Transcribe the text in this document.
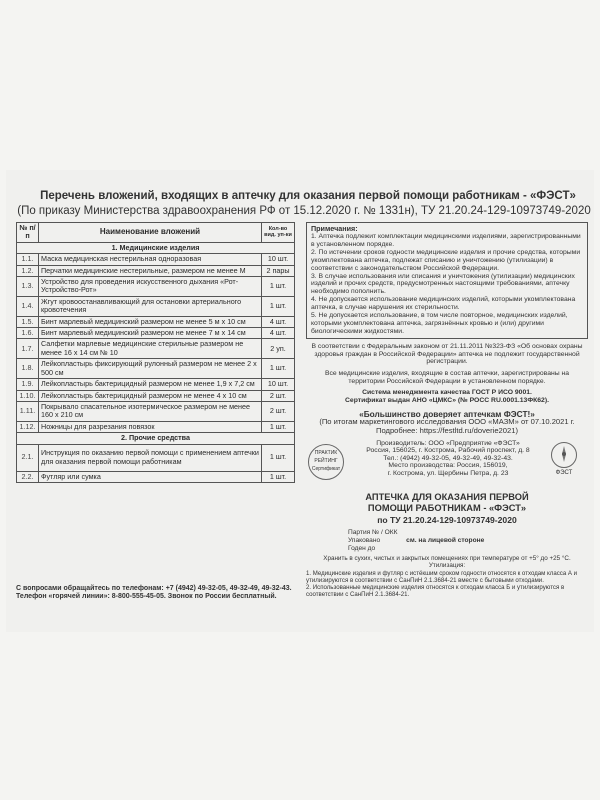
Перечень вложений, входящих в аптечку для оказания первой помощи работникам - «ФЭСТ»
(По приказу Министерства здравоохранения РФ от 15.12.2020 г. № 1331н), ТУ 21.20.24-129-10973749-2020
№ п/п	Наименование вложений	Кол-во вид. уп-ки
1. Медицинские изделия		
1.1.	Маска медицинская нестерильная одноразовая	10 шт.
1.2.	Перчатки медицинские нестерильные, размером не менее М	2 пары
1.3.	Устройство для проведения искусственного дыхания «Рот-Устройство-Рот»	1 шт.
1.4.	Жгут кровоостанавливающий для остановки артериального кровотечения	1 шт.
1.5.	Бинт марлевый медицинский размером не менее 5 м х 10 см	4 шт.
1.6.	Бинт марлевый медицинский размером не менее 7 м х 14 см	4 шт.
1.7.	Салфетки марлевые медицинские стерильные размером не менее 16 х 14 см № 10	2 уп.
1.8.	Лейкопластырь фиксирующий рулонный размером не менее 2 х 500 см	1 шт.
1.9.	Лейкопластырь бактерицидный размером не менее 1,9 х 7,2 см	10 шт.
1.10.	Лейкопластырь бактерицидный размером не менее 4 х 10 см	2 шт.
1.11.	Покрывало спасательное изотермическое размером не менее 160 х 210 см	2 шт.
1.12.	Ножницы для разрезания повязок	1 шт.
2. Прочие средства		
2.1.	Инструкция по оказанию первой помощи с применением аптечки для оказания первой помощи работникам	1 шт.
2.2.	Футляр или сумка	1 шт.
С вопросами обращайтесь по телефонам: +7 (4942) 49-32-05, 49-32-49, 49-32-43.
Телефон «горячей линии»: 8-800-555-45-05. Звонок по России бесплатный.
Примечания:
1. Аптечка подлежит комплектации медицинскими изделиями, зарегистрированными в установленном порядке.
2. По истечении сроков годности медицинские изделия и прочие средства, которыми укомплектована аптечка, подлежат списанию и уничтожению (утилизации) в соответствии с законодательством Российской Федерации.
3. В случае использования или списания и уничтожения (утилизации) медицинских изделий и прочих средств, предусмотренных настоящими требованиями, аптечку необходимо пополнить.
4. Не допускается использование медицинских изделий, которыми укомплектована аптечка, в случае нарушения их стерильности.
5. Не допускается использование, в том числе повторное, медицинских изделий, которыми укомплектована аптечка, загрязнённых кровью и (или) другими биологическими жидкостями.
В соответствии с Федеральным законом от 21.11.2011 №323-ФЗ «Об основах охраны здоровья граждан в Российской Федерации» аптечка не подлежит государственной регистрации.
Все медицинские изделия, входящие в состав аптечки, зарегистрированы на территории Российской Федерации в установленном порядке.
Система менеджмента качества ГОСТ Р ИСО 9001.
Сертификат выдан АНО «ЦМКС» (№ РОСС RU.0001.13ФК62).
«Большинство доверяет аптечкам ФЭСТ!»
(По итогам маркетингового исследования ООО «МАЗМ» от 07.10.2021 г. Подробнее: https://festltd.ru/doverie2021)
ПРАКТИК
РЕЙТИНГ
Сертификат
Производитель: ООО «Предприятие «ФЭСТ»
Россия, 156025, г. Кострома, Рабочий проспект, д. 8
Тел.: (4942) 49-32-05, 49-32-49, 49-32-43.
Место производства: Россия, 156019,
г. Кострома, ул. Щербины Петра, д. 23	ФЭСТ
АПТЕЧКА ДЛЯ ОКАЗАНИЯ ПЕРВОЙ
ПОМОЩИ РАБОТНИКАМ - «ФЭСТ»
по ТУ 21.20.24-129-10973749-2020
Партия № / ОКК
Упаковано	см. на лицевой стороне
Годен до
Хранить в сухих, чистых и закрытых помещениях при температуре от +5° до +25 °С.
Утилизация:
1. Медицинские изделия и футляр с истёкшим сроком годности относятся к отходам класса А и утилизируются в соответствии с СанПиН 2.1.3684-21 вместе с бытовыми отходами.
2. Использованные медицинские изделия относятся к отходам класса Б и утилизируются в соответствии с СанПиН 2.1.3684-21.
